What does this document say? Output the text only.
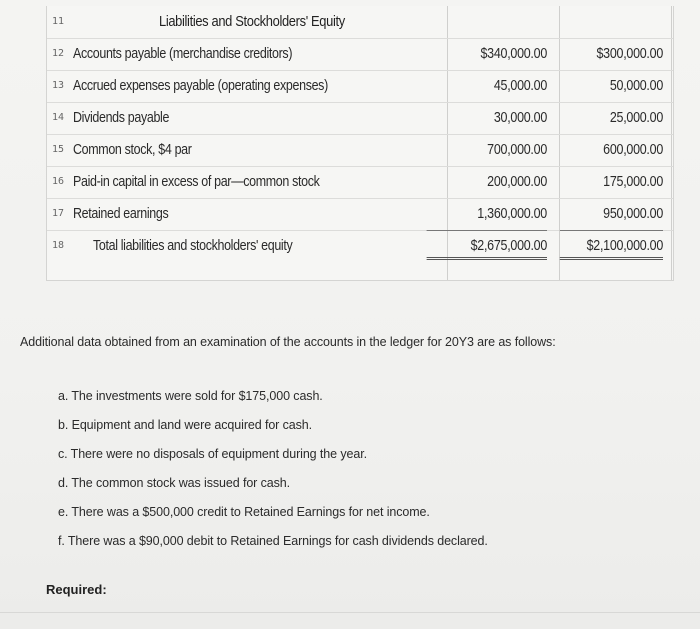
11	Liabilities and Stockholders' Equity
12 Accounts payable (merchandise creditors)	$340,000.00	$300,000.00
13 Accrued expenses payable (operating expenses)	45,000.00	50,000.00
14 Dividends payable	30,000.00	25,000.00
15 Common stock, $4 par	700,000.00	600,000.00
16 Paid-in capital in excess of par—common stock	200,000.00	175,000.00
17 Retained earnings	1,360,000.00	950,000.00
18	Total liabilities and stockholders' equity	$2,675,000.00	$2,100,000.00
Additional data obtained from an examination of the accounts in the ledger for 20Y3 are as follows:
a. The investments were sold for $175,000 cash.
b. Equipment and land were acquired for cash.
c. There were no disposals of equipment during the year.
d. The common stock was issued for cash.
e. There was a $500,000 credit to Retained Earnings for net income.
f. There was a $90,000 debit to Retained Earnings for cash dividends declared.
Required:
